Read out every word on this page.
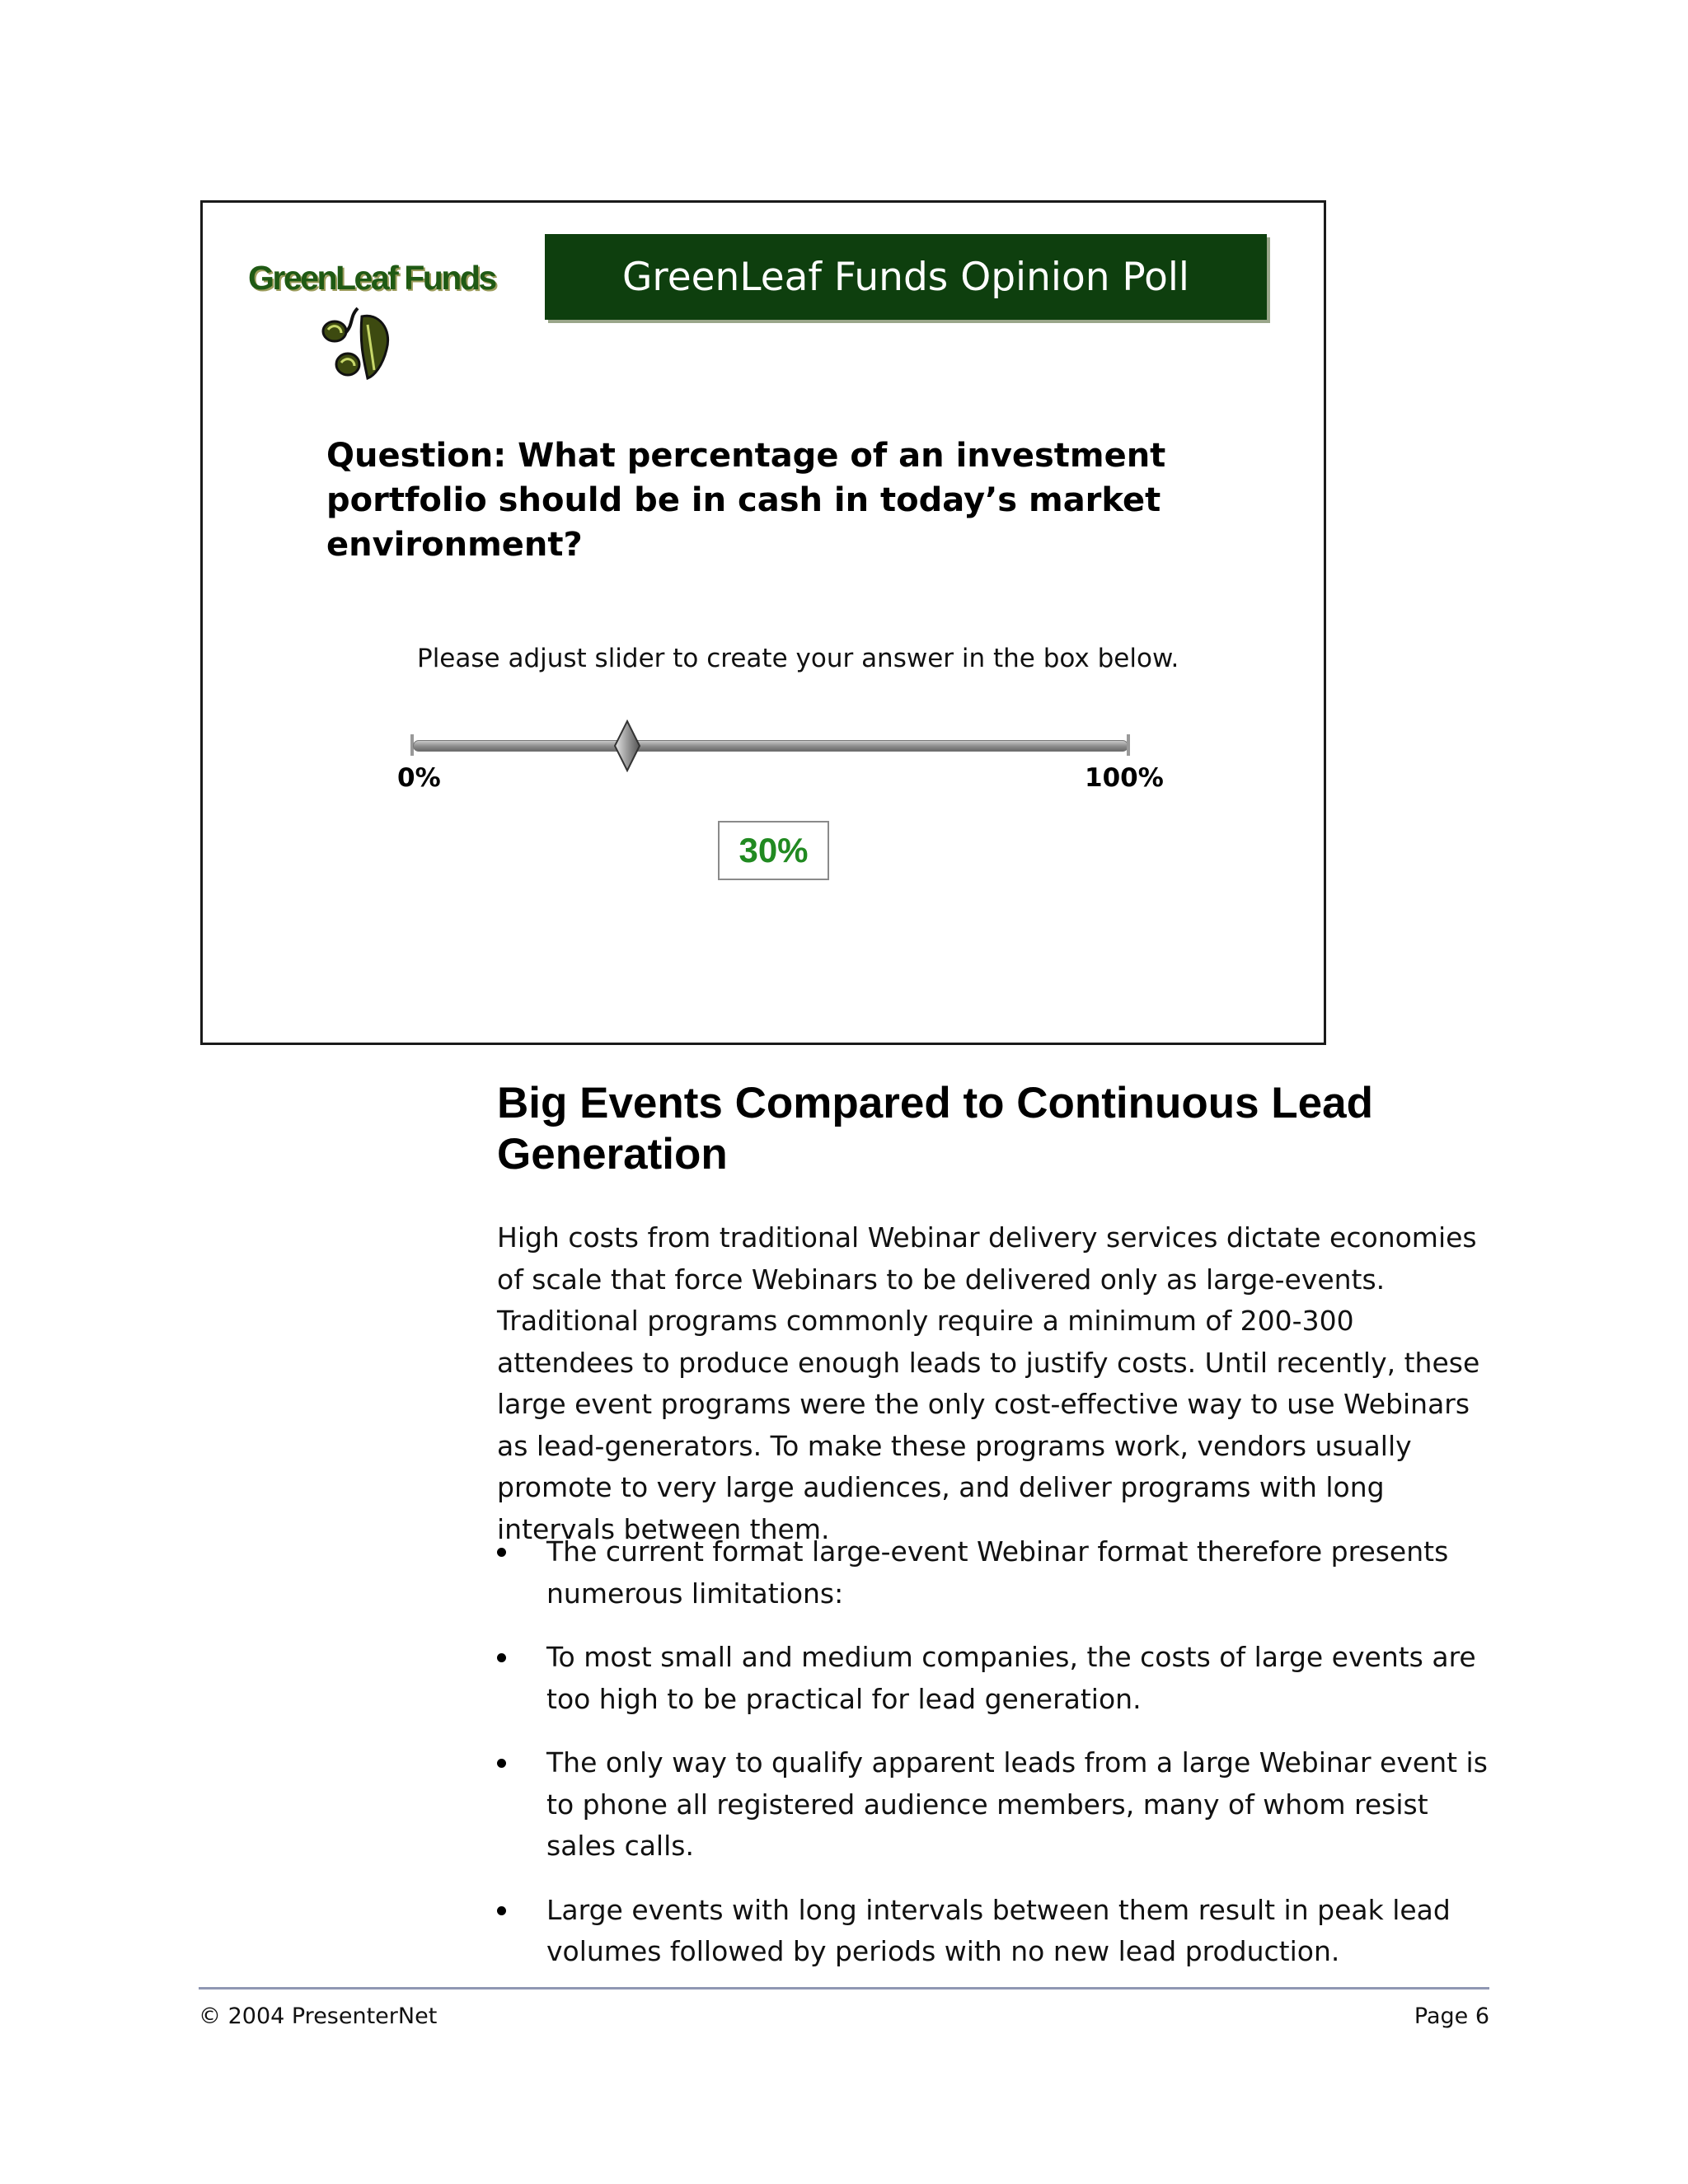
GreenLeaf Funds	GreenLeaf Funds Opinion Poll
Question: What percentage of an investment portfolio should be in cash in today’s market environment?
Please adjust slider to create your answer in the box below.
0%	100%
30%
Big Events Compared to Continuous Lead Generation

High costs from traditional Webinar delivery services dictate economies of scale that force Webinars to be delivered only as large-events. Traditional programs commonly require a minimum of 200-300 attendees to produce enough leads to justify costs. Until recently, these large event programs were the only cost-effective way to use Webinars as lead-generators. To make these programs work, vendors usually promote to very large audiences, and deliver programs with long intervals between them.

The current format large-event Webinar format therefore presents numerous limitations:
To most small and medium companies, the costs of large events are too high to be practical for lead generation.
The only way to qualify apparent leads from a large Webinar event is to phone all registered audience members, many of whom resist sales calls.
Large events with long intervals between them result in peak lead volumes followed by periods with no new lead production.
© 2004 PresenterNet	Page 6
